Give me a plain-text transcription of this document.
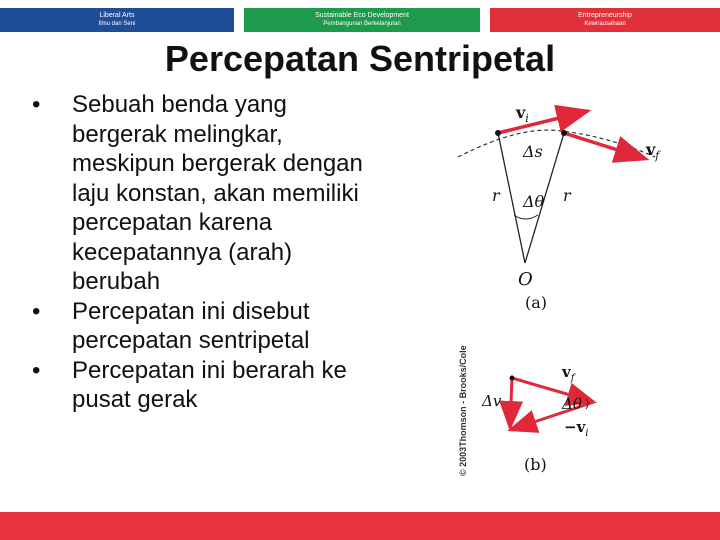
Liberal Arts
Ilmu dan Seni
Sustainable Eco Development
Pembangunan Berkelanjutan
Entrepreneurship
Kewirausahaan
Percepatan Sentripetal
• Sebuah benda yang
bergerak melingkar,
meskipun bergerak dengan
laju konstan, akan memiliki
percepatan karena
kecepatannya (arah)
berubah
• Percepatan ini disebut
percepatan sentripetal
• Percepatan ini berarah ke
pusat gerak
$v_i$
$v_f$
Δs
r	r
Δθ
O
(a)
$v_f$
Δv	Δθ
$-v_i$
(b)
© 2003Thomson - Brooks/Cole
